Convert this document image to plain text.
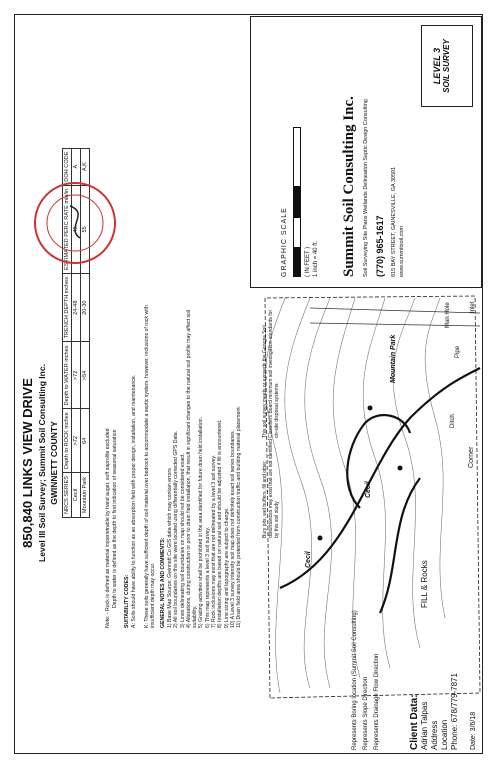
850,840 LINKS VIEW DRIVE Level III Soil Survey; Summit Soil Consulting Inc. GWINNETT COUNTY NRCS SERIES	Depth to ROCK inches	Depth to WATER inches	TRENCH DEPTH inches	ESTIMATED PERC RATE min/in	DOH CODE
Cecil	>72	>72	24-48	45	A
Mountain Park	64	>54	20-30	55	A,K
Note: - Rock is defined as material impenetrable by hand auger, soft saprolite excluded Depth to water is defined as the depth to first indication of seasonal saturation SUITABILITY CODES: A: Soils should have ability to function as an absorption field with proper design, installation, and maintenance. K: These soils generally have sufficient depth of soil material over bedrock to accommodate a septic system, however, inclusions of rock with insufficient depth may occur. GENERAL NOTES AND COMMENTS: 1) Base Map Source: Gwinnett Co GIS data which may contain errors 2) All soil boundaries on this site were located using differentially corrected GPS Data. 3) Lines delineating soil boundaries on map should not be considered exact. 4) Alterations, during construction or prior to drain field installation, that result in significant changes to the natural soil profile may affect soil suitability. 5) Grading activities shall be prohibited in the area identified for future drain field installation. 6) This map represents a level 3 soil survey. 7) Rock inclusions may exist that are not delineated by a level 3 soil survey. 8) Installation depths are based on natural soil and should be adjusted if fill is encountered. 9) Line sizing and topography are subject to change. 10) A Level 3 survey intensity soil map does not definitely exact soil series boundaries. 11) Drain field area should be protected from construction traffic and building material placement.	Bury pits, wet buffers, fill and other disturbances may exist that are not identified by this soil study
This soil survey meets or exceeds the Georgia Soil Classifiers Board minimum soil investigation standards for on-site disposal systems.
Cecil
Cecil
Mountain Park
FILL & Rocks
Ditch
Pipe
Man Hole	Inlet
Corner
Summit Soil Consulting Inc. Soil Surveying Site Plans Wetlands Delineation Septic Design Consulting (770) 965-1617 815 BAY STREET, GAINESVILLE, GA 30501 www.summitsoil.com
GRAPHIC SCALE	( IN FEET ) 1 inch = 40 ft.
LEVEL 3 SOIL SURVEY
Represents Boring location (Summit Soil Consulting) Represents Slope Direction Represents Drainage Flow Direction	Client Data: Adrian Talpas Address Location Phone: 678/779-7871 Date: 3/6/18
